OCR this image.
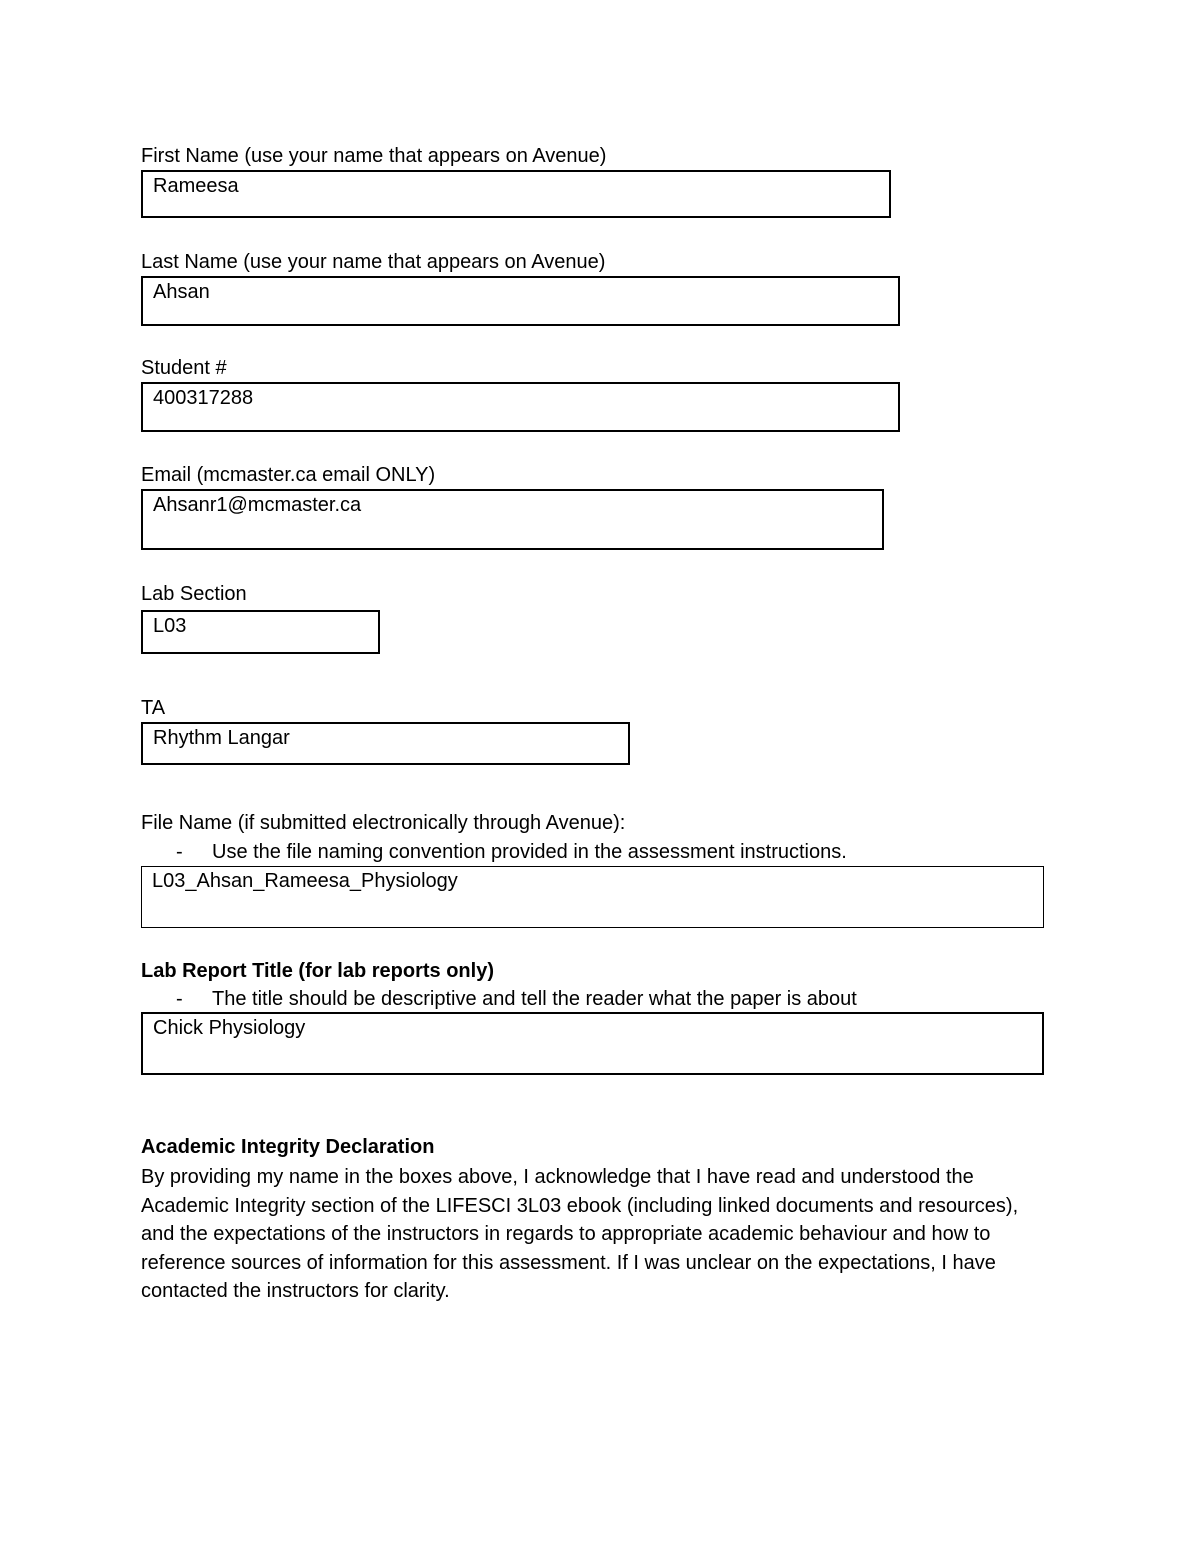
First Name (use your name that appears on Avenue)
Rameesa
Last Name (use your name that appears on Avenue)
Ahsan
Student #
400317288
Email (mcmaster.ca email ONLY)
Ahsanr1@mcmaster.ca
Lab Section
L03
TA
Rhythm Langar
File Name (if submitted electronically through Avenue):
- Use the file naming convention provided in the assessment instructions.
L03_Ahsan_Rameesa_Physiology
Lab Report Title (for lab reports only)
- The title should be descriptive and tell the reader what the paper is about
Chick Physiology
Academic Integrity Declaration
By providing my name in the boxes above, I acknowledge that I have read and understood the Academic Integrity section of the LIFESCI 3L03 ebook (including linked documents and resources), and the expectations of the instructors in regards to appropriate academic behaviour and how to reference sources of information for this assessment. If I was unclear on the expectations, I have contacted the instructors for clarity.
